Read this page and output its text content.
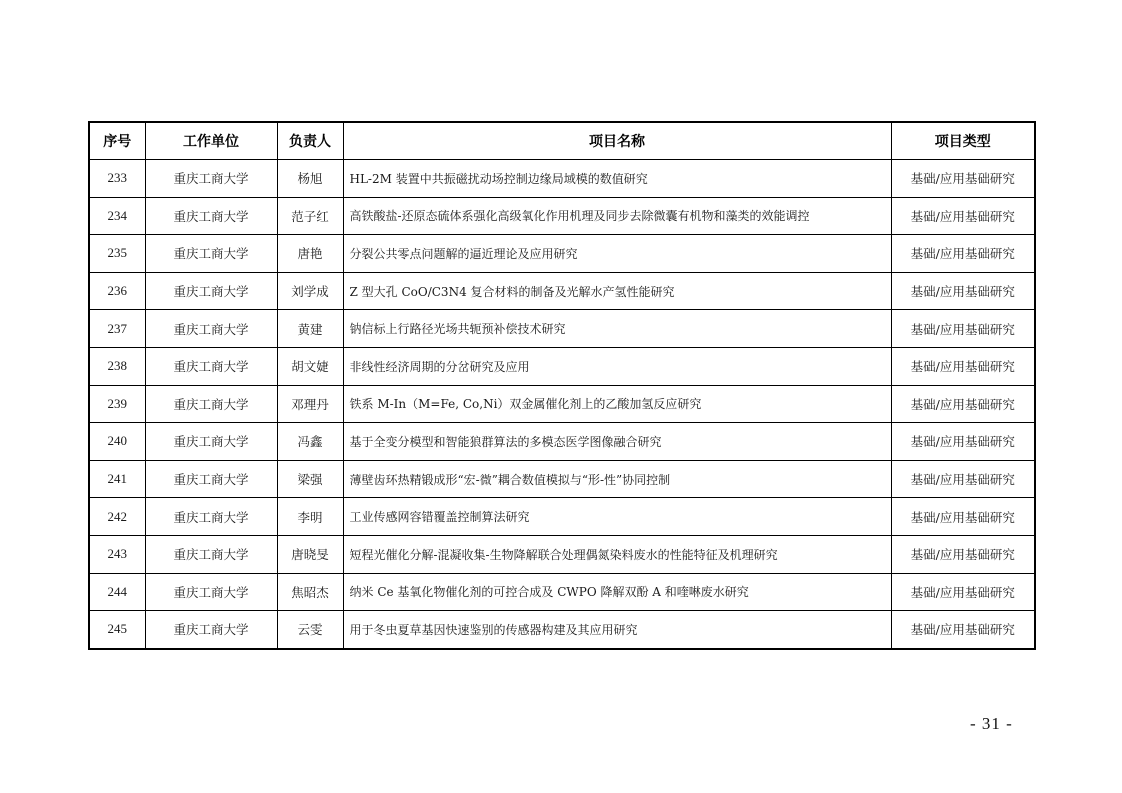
序号	工作单位	负责人	项目名称	项目类型
233	重庆工商大学	杨旭	HL-2M 装置中共振磁扰动场控制边缘局域模的数值研究	基础/应用基础研究
234	重庆工商大学	范子红	高铁酸盐-还原态硫体系强化高级氧化作用机理及同步去除微囊有机物和藻类的效能调控	基础/应用基础研究
235	重庆工商大学	唐艳	分裂公共零点问题解的逼近理论及应用研究	基础/应用基础研究
236	重庆工商大学	刘学成	Z 型大孔 CoO/C3N4 复合材料的制备及光解水产氢性能研究	基础/应用基础研究
237	重庆工商大学	黄建	钠信标上行路径光场共轭预补偿技术研究	基础/应用基础研究
238	重庆工商大学	胡文婕	非线性经济周期的分岔研究及应用	基础/应用基础研究
239	重庆工商大学	邓理丹	铁系 M-In（M=Fe, Co,Ni）双金属催化剂上的乙酸加氢反应研究	基础/应用基础研究
240	重庆工商大学	冯鑫	基于全变分模型和智能狼群算法的多模态医学图像融合研究	基础/应用基础研究
241	重庆工商大学	梁强	薄壁齿环热精锻成形“宏-微”耦合数值模拟与“形-性”协同控制	基础/应用基础研究
242	重庆工商大学	李明	工业传感网容错覆盖控制算法研究	基础/应用基础研究
243	重庆工商大学	唐晓旻	短程光催化分解-混凝收集-生物降解联合处理偶氮染料废水的性能特征及机理研究	基础/应用基础研究
244	重庆工商大学	焦昭杰	纳米 Ce 基氧化物催化剂的可控合成及 CWPO 降解双酚 A 和喹啉废水研究	基础/应用基础研究
245	重庆工商大学	云雯	用于冬虫夏草基因快速鉴别的传感器构建及其应用研究	基础/应用基础研究
- 31 -
